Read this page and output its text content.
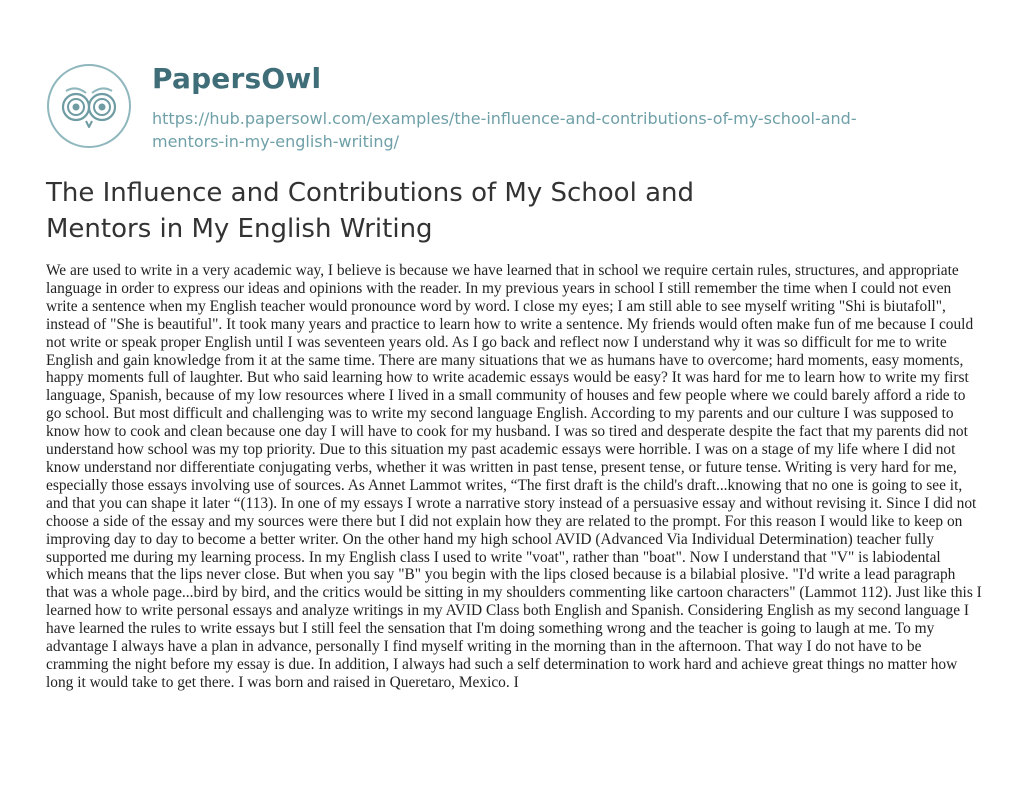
PapersOwl
https://hub.papersowl.com/examples/the-influence-and-contributions-of-my-school-and-mentors-in-my-english-writing/
The Influence and Contributions of My School and Mentors in My English Writing

We are used to write in a very academic way, I believe is because we have learned that in school we require certain rules, structures, and appropriate language in order to express our ideas and opinions with the reader. In my previous years in school I still remember the time when I could not even write a sentence when my English teacher would pronounce word by word. I close my eyes; I am still able to see myself writing "Shi is biutafoll", instead of "She is beautiful". It took many years and practice to learn how to write a sentence. My friends would often make fun of me because I could not write or speak proper English until I was seventeen years old. As I go back and reflect now I understand why it was so difficult for me to write English and gain knowledge from it at the same time. There are many situations that we as humans have to overcome; hard moments, easy moments, happy moments full of laughter. But who said learning how to write academic essays would be easy? It was hard for me to learn how to write my first language, Spanish, because of my low resources where I lived in a small community of houses and few people where we could barely afford a ride to go school. But most difficult and challenging was to write my second language English. According to my parents and our culture I was supposed to know how to cook and clean because one day I will have to cook for my husband. I was so tired and desperate despite the fact that my parents did not understand how school was my top priority. Due to this situation my past academic essays were horrible. I was on a stage of my life where I did not know understand nor differentiate conjugating verbs, whether it was written in past tense, present tense, or future tense. Writing is very hard for me, especially those essays involving use of sources. As Annet Lammot writes, “The first draft is the child's draft...knowing that no one is going to see it, and that you can shape it later “(113). In one of my essays I wrote a narrative story instead of a persuasive essay and without revising it. Since I did not choose a side of the essay and my sources were there but I did not explain how they are related to the prompt. For this reason I would like to keep on improving day to day to become a better writer. On the other hand my high school AVID (Advanced Via Individual Determination) teacher fully supported me during my learning process. In my English class I used to write "voat", rather than "boat". Now I understand that "V" is labiodental which means that the lips never close. But when you say "B" you begin with the lips closed because is a bilabial plosive. "I'd write a lead paragraph that was a whole page...bird by bird, and the critics would be sitting in my shoulders commenting like cartoon characters" (Lammot 112). Just like this I learned how to write personal essays and analyze writings in my AVID Class both English and Spanish. Considering English as my second language I have learned the rules to write essays but I still feel the sensation that I'm doing something wrong and the teacher is going to laugh at me. To my advantage I always have a plan in advance, personally I find myself writing in the morning than in the afternoon. That way I do not have to be cramming the night before my essay is due. In addition, I always had such a self determination to work hard and achieve great things no matter how long it would take to get there. I was born and raised in Queretaro, Mexico. I
